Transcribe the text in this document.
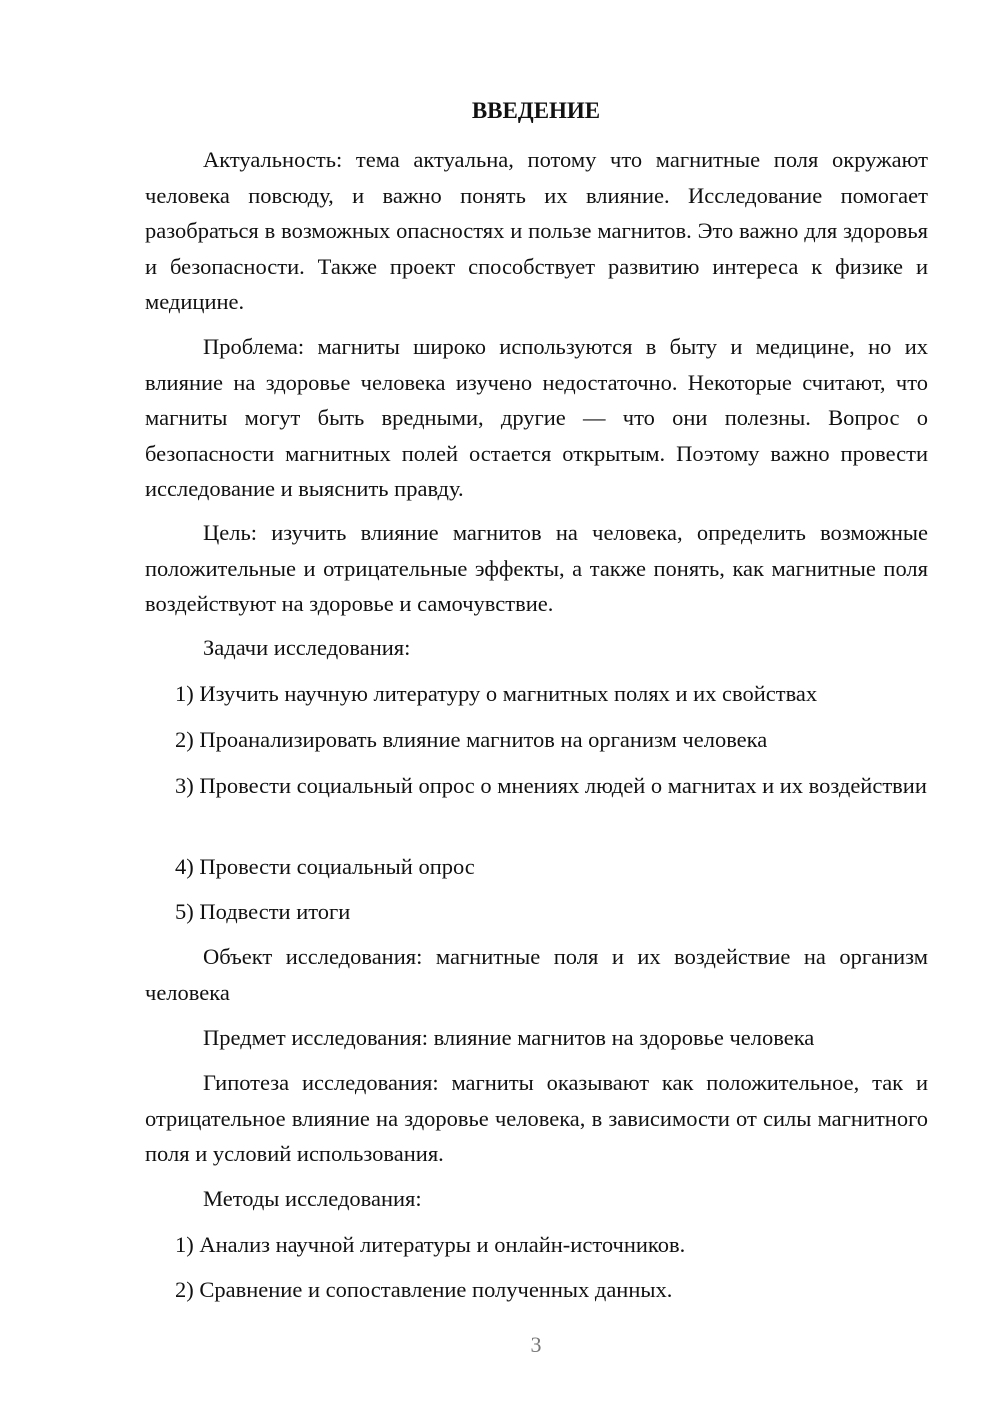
ВВЕДЕНИЕ

Актуальность: тема актуальна, потому что магнитные поля окружают человека повсюду, и важно понять их влияние. Исследование помогает разобраться в возможных опасностях и пользе магнитов. Это важно для здоровья и безопасности. Также проект способствует развитию интереса к физике и медицине.

Проблема: магниты широко используются в быту и медицине, но их влияние на здоровье человека изучено недостаточно. Некоторые считают, что магниты могут быть вредными, другие — что они полезны. Вопрос о безопасности магнитных полей остается открытым. Поэтому важно провести исследование и выяснить правду.

Цель: изучить влияние магнитов на человека, определить возможные положительные и отрицательные эффекты, а также понять, как магнитные поля воздействуют на здоровье и самочувствие.

Задачи исследования:

1) Изучить научную литературу о магнитных полях и их свойствах

2) Проанализировать влияние магнитов на организм человека

3) Провести социальный опрос о мнениях людей о магнитах и их воздействии

4) Провести социальный опрос

5) Подвести итоги

Объект исследования: магнитные поля и их воздействие на организм человека

Предмет исследования: влияние магнитов на здоровье человека

Гипотеза исследования: магниты оказывают как положительное, так и отрицательное влияние на здоровье человека, в зависимости от силы магнитного поля и условий использования.

Методы исследования:

1) Анализ научной литературы и онлайн-источников.

2) Сравнение и сопоставление полученных данных.

3
